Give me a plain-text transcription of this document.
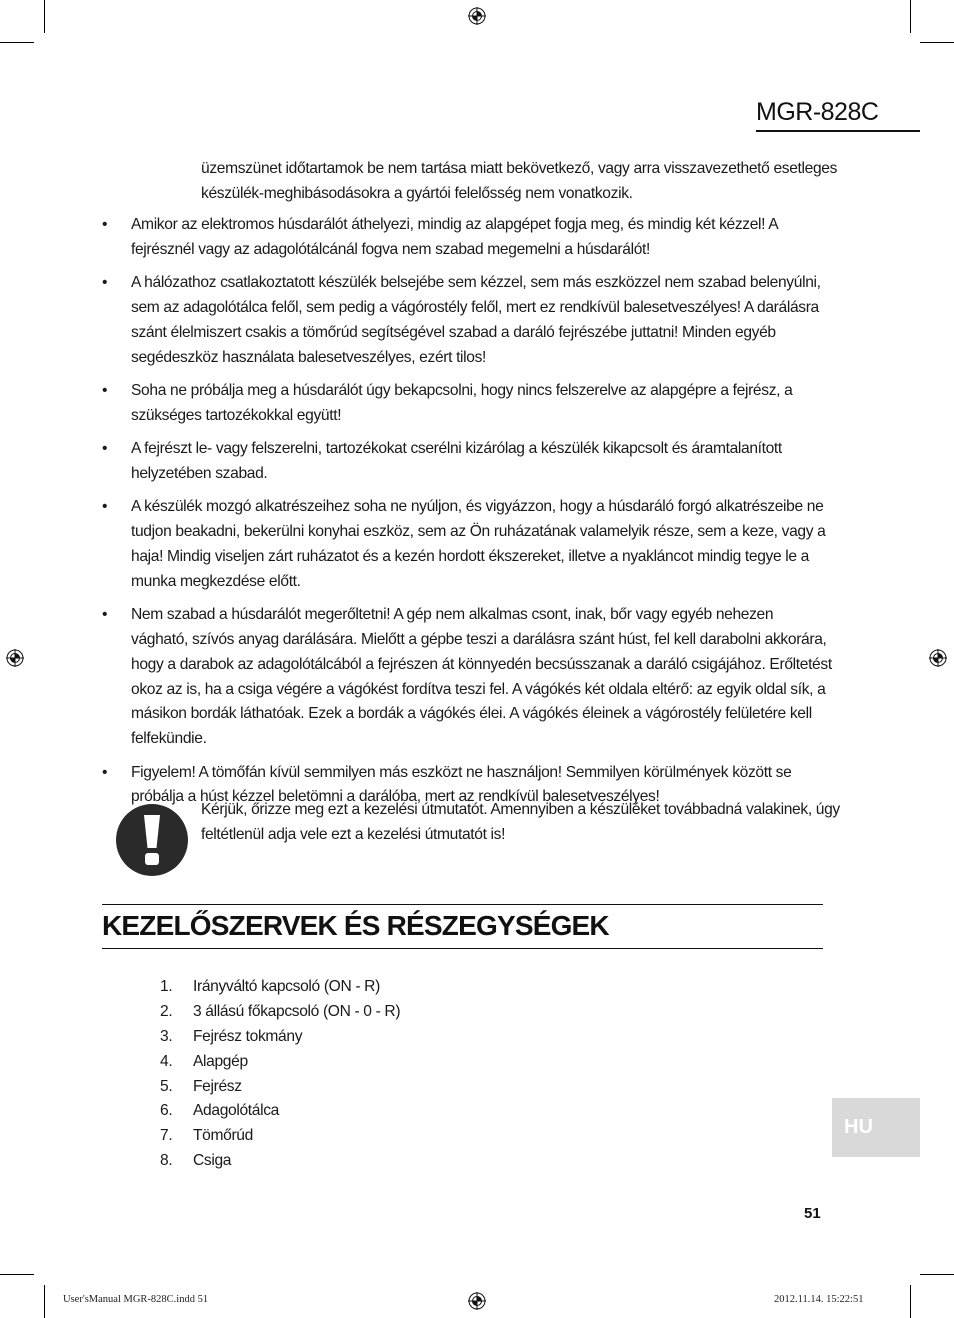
MGR-828C
üzemszünet időtartamok be nem tartása miatt bekövetkező, vagy arra visszavezethető esetleges készülék-meghibásodásokra a gyártói felelősség nem vonatkozik.
• Amikor az elektromos húsdarálót áthelyezi, mindig az alapgépet fogja meg, és mindig két kézzel! A fejrésznél vagy az adagolótálcánál fogva nem szabad megemelni a húsdarálót!
• A hálózathoz csatlakoztatott készülék belsejébe sem kézzel, sem más eszközzel nem szabad belenyúlni, sem az adagolótálca felől, sem pedig a vágórostély felől, mert ez rendkívül balesetveszélyes! A darálásra szánt élelmiszert csakis a tömőrúd segítségével szabad a daráló fejrészébe juttatni! Minden egyéb segédeszköz használata balesetveszélyes, ezért tilos!
• Soha ne próbálja meg a húsdarálót úgy bekapcsolni, hogy nincs felszerelve az alapgépre a fejrész, a szükséges tartozékokkal együtt!
• A fejrészt le- vagy felszerelni, tartozékokat cserélni kizárólag a készülék kikapcsolt és áramtalanított helyzetében szabad.
• A készülék mozgó alkatrészeihez soha ne nyúljon, és vigyázzon, hogy a húsdaráló forgó alkatrészeibe ne tudjon beakadni, bekerülni konyhai eszköz, sem az Ön ruházatának valamelyik része, sem a keze, vagy a haja! Mindig viseljen zárt ruházatot és a kezén hordott ékszereket, illetve a nyakláncot mindig tegye le a munka megkezdése előtt.
• Nem szabad a húsdarálót megerőltetni! A gép nem alkalmas csont, inak, bőr vagy egyéb nehezen vágható, szívós anyag darálására. Mielőtt a gépbe teszi a darálásra szánt húst, fel kell darabolni akkorára, hogy a darabok az adagolótálcából a fejrészen át könnyedén becsússzanak a daráló csigájához. Erőltetést okoz az is, ha a csiga végére a vágókést fordítva teszi fel. A vágókés két oldala eltérő: az egyik oldal sík, a másikon bordák láthatóak. Ezek a bordák a vágókés élei. A vágókés éleinek a vágórostély felületére kell felfekündie.
• Figyelem! A tömőfán kívül semmilyen más eszközt ne használjon! Semmilyen körülmények között se próbálja a húst kézzel beletömni a darálóba, mert az rendkívül balesetveszélyes!
Kérjük, őrizze meg ezt a kezelési útmutatót. Amennyiben a készüléket továbbadná valakinek, úgy feltétlenül adja vele ezt a kezelési útmutatót is!
KEZELŐSZERVEK ÉS RÉSZEGYSÉGEK
1. Irányváltó kapcsoló (ON - R)
2. 3 állású főkapcsoló (ON - 0 - R)
3. Fejrész tokmány
4. Alapgép
5. Fejrész
6. Adagolótálca
7. Tömőrúd
8. Csiga
HU
51
User'sManual MGR-828C.indd 51	2012.11.14. 15:22:51
